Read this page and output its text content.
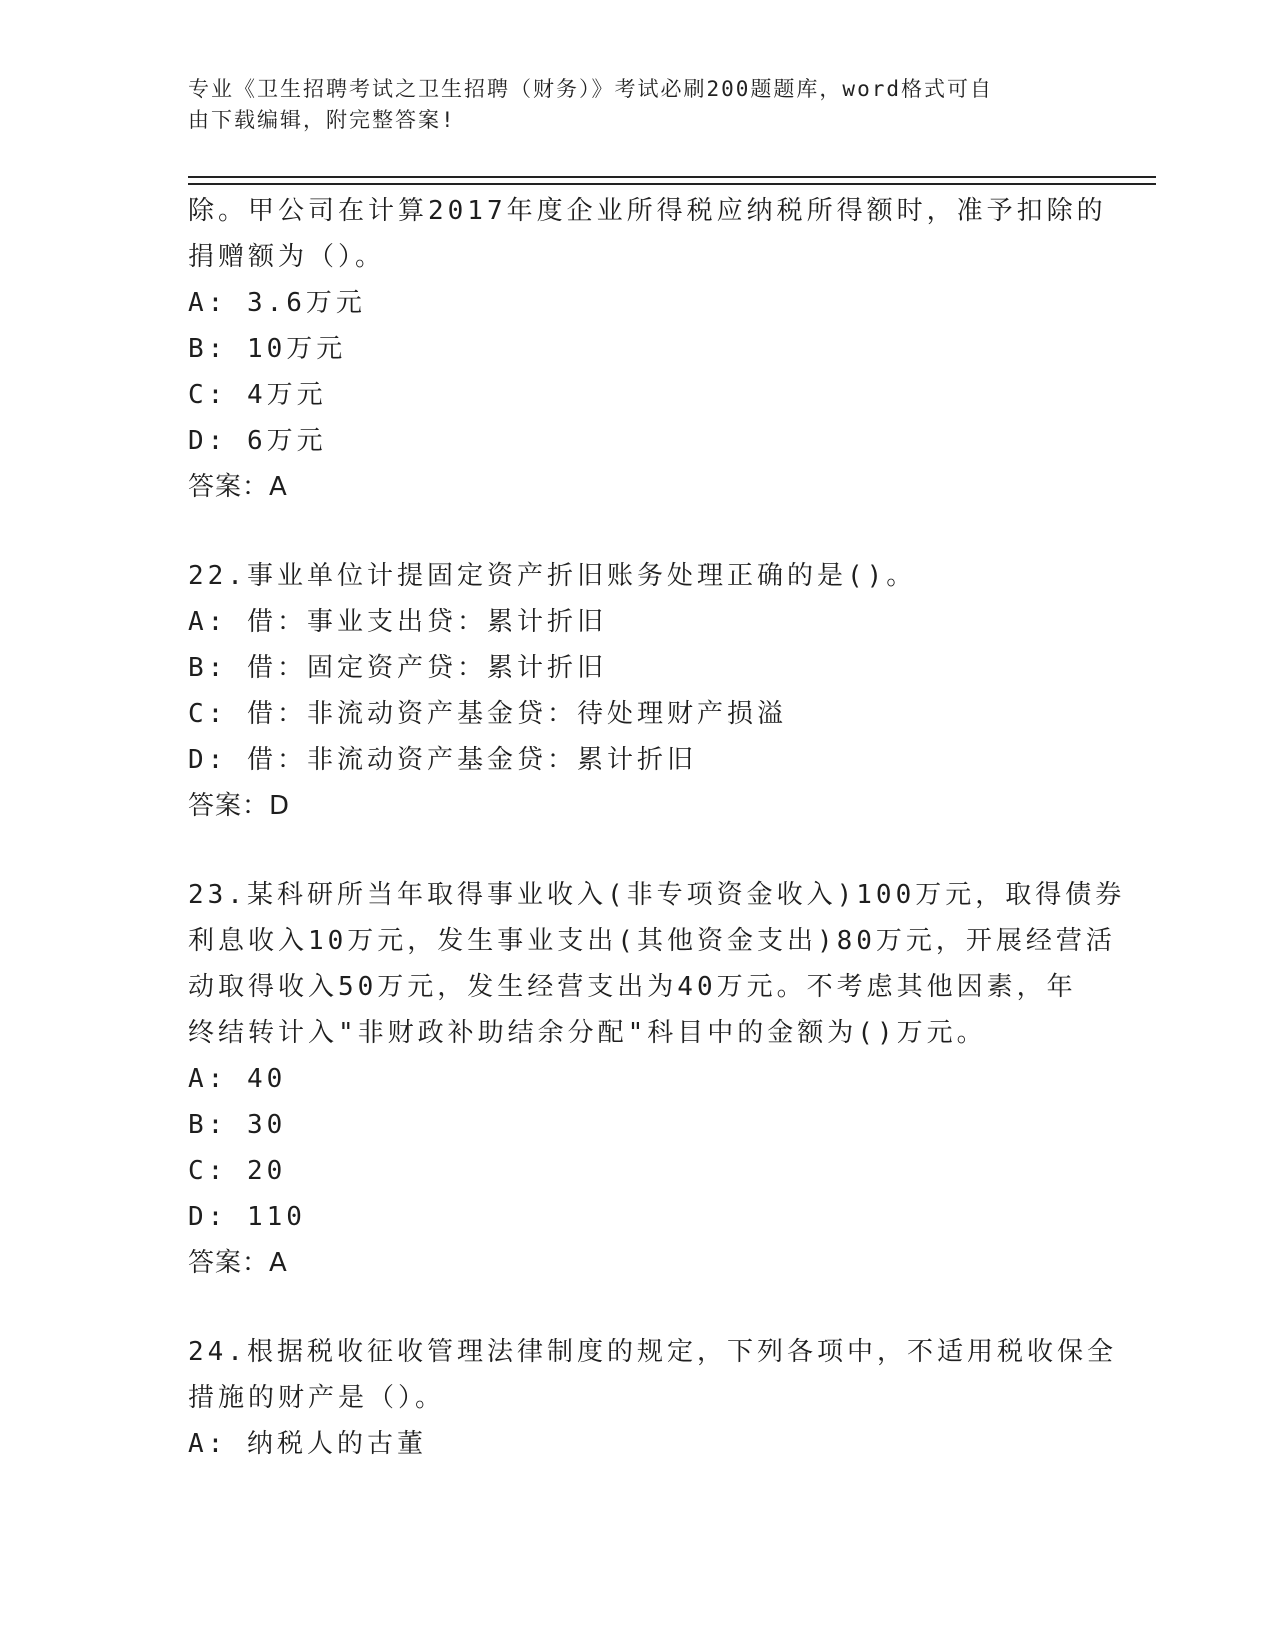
专业《卫生招聘考试之卫生招聘（财务）》考试必刷200题题库，word格式可自
由下载编辑，附完整答案!
除。甲公司在计算2017年度企业所得税应纳税所得额时，准予扣除的
捐赠额为（）。
A: 3.6万元
B: 10万元
C: 4万元
D: 6万元
答案：A
22.事业单位计提固定资产折旧账务处理正确的是()。
A: 借：事业支出贷：累计折旧
B: 借：固定资产贷：累计折旧
C: 借：非流动资产基金贷：待处理财产损溢
D: 借：非流动资产基金贷：累计折旧
答案：D
23.某科研所当年取得事业收入(非专项资金收入)100万元，取得债券
利息收入10万元，发生事业支出(其他资金支出)80万元，开展经营活
动取得收入50万元，发生经营支出为40万元。不考虑其他因素，年
终结转计入"非财政补助结余分配"科目中的金额为()万元。
A: 40
B: 30
C: 20
D: 110
答案：A
24.根据税收征收管理法律制度的规定，下列各项中，不适用税收保全
措施的财产是（）。
A: 纳税人的古董
